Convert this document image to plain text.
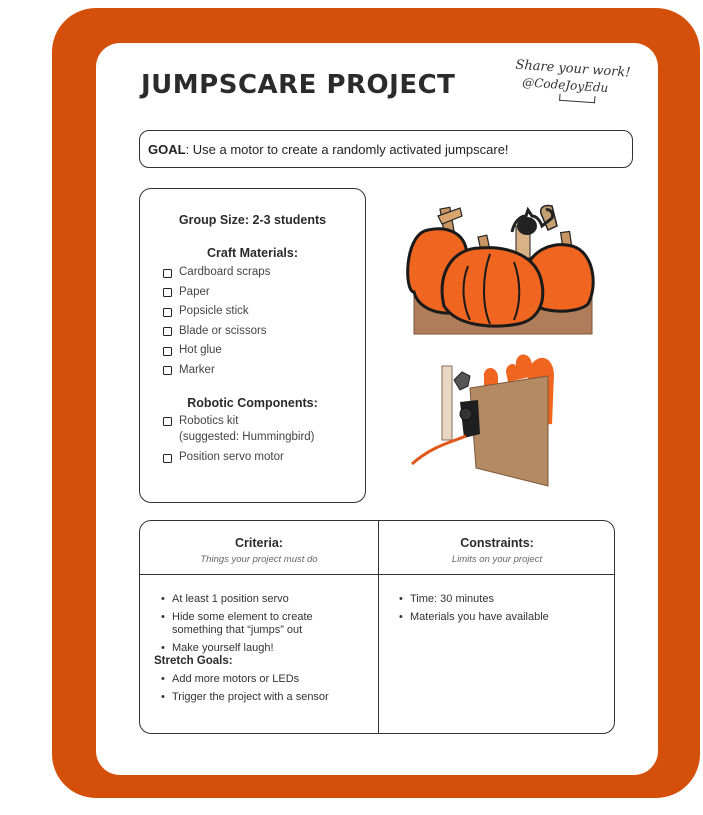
JUMPSCARE PROJECT
Share your work!
@CodeJoyEdu
GOAL : Use a motor to create a randomly activated jumpscare!
Group Size: 2-3 students
Craft Materials:
Cardboard scraps
Paper
Popsicle stick
Blade or scissors
Hot glue
Marker
Robotic Components:
Robotics kit
(suggested: Hummingbird)
Position servo motor
Criteria:
Things your project must do
Constraints:
Limits on your project
• At least 1 position servo
• Hide some element to create something that “jumps” out
• Make yourself laugh!
Stretch Goals:
• Add more motors or LEDs
• Trigger the project with a sensor
• Time: 30 minutes
• Materials you have available
